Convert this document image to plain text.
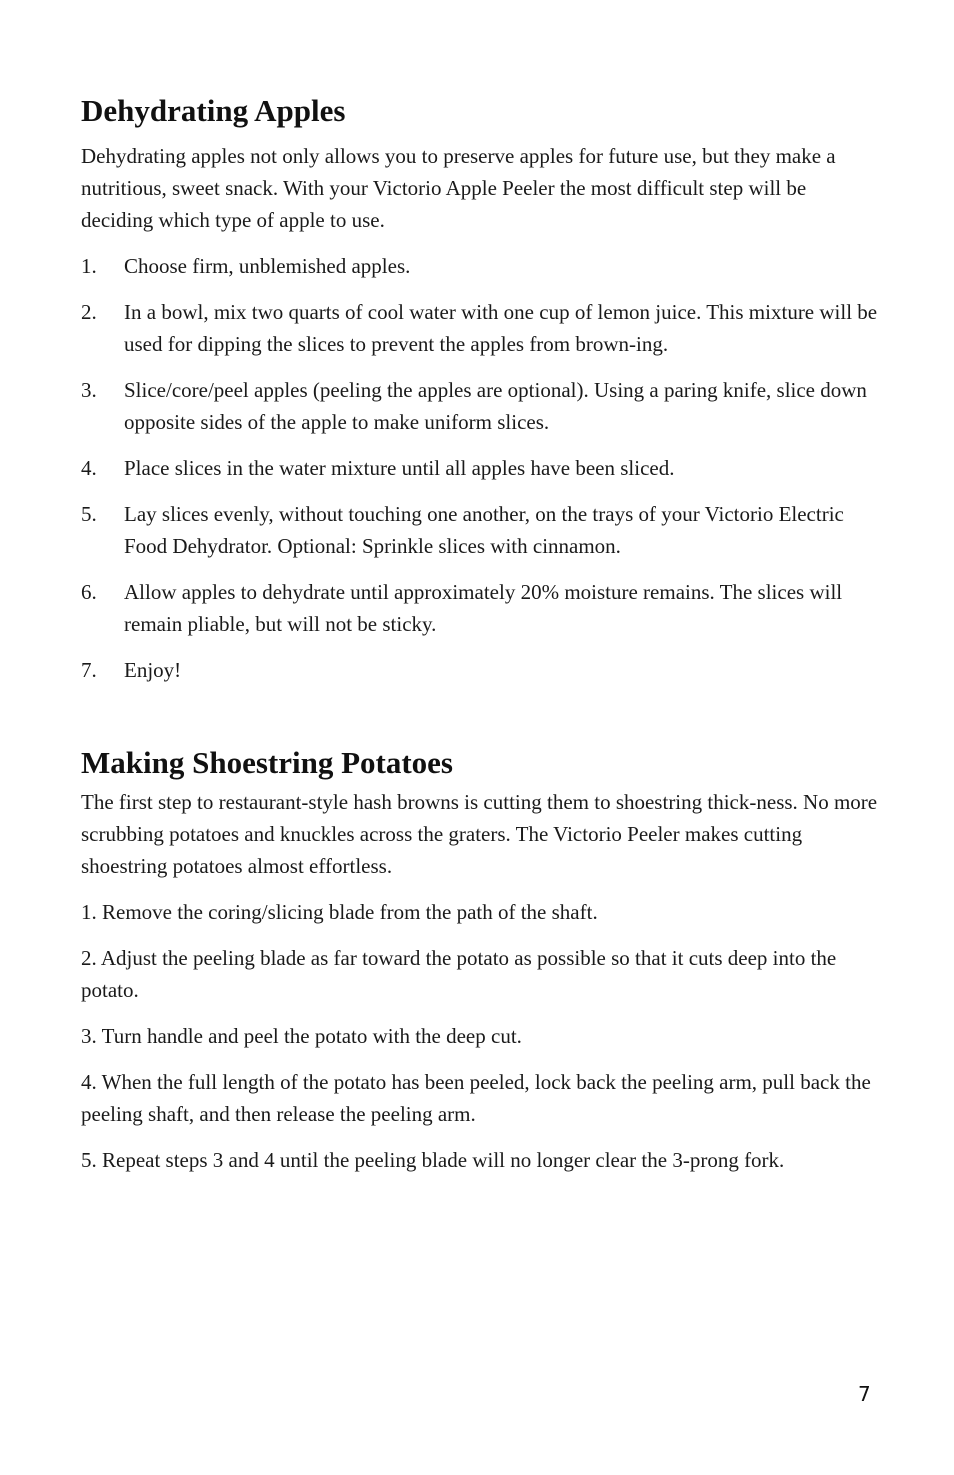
Dehydrating Apples

Dehydrating apples not only allows you to preserve apples for future use, but they make a nutritious, sweet snack. With your Victorio Apple Peeler the most difficult step will be deciding which type of apple to use.

1.	Choose firm, unblemished apples.
2.	In a bowl, mix two quarts of cool water with one cup of lemon juice. This mixture will be used for dipping the slices to prevent the apples from brown-ing.
3.	Slice/core/peel apples (peeling the apples are optional). Using a paring knife, slice down opposite sides of the apple to make uniform slices.
4.	Place slices in the water mixture until all apples have been sliced.
5.	Lay slices evenly, without touching one another, on the trays of your Victorio Electric Food Dehydrator. Optional: Sprinkle slices with cinnamon.
6.	Allow apples to dehydrate until approximately 20% moisture remains. The slices will remain pliable, but will not be sticky.
7.	Enjoy!
Making Shoestring Potatoes

The first step to restaurant-style hash browns is cutting them to shoestring thick-ness. No more scrubbing potatoes and knuckles across the graters. The Victorio Peeler makes cutting shoestring potatoes almost effortless.

1. Remove the coring/slicing blade from the path of the shaft.

2. Adjust the peeling blade as far toward the potato as possible so that it cuts deep into the potato.

3. Turn handle and peel the potato with the deep cut.

4. When the full length of the potato has been peeled, lock back the peeling arm, pull back the peeling shaft, and then release the peeling arm.

5. Repeat steps 3 and 4 until the peeling blade will no longer clear the 3-prong fork.

7
